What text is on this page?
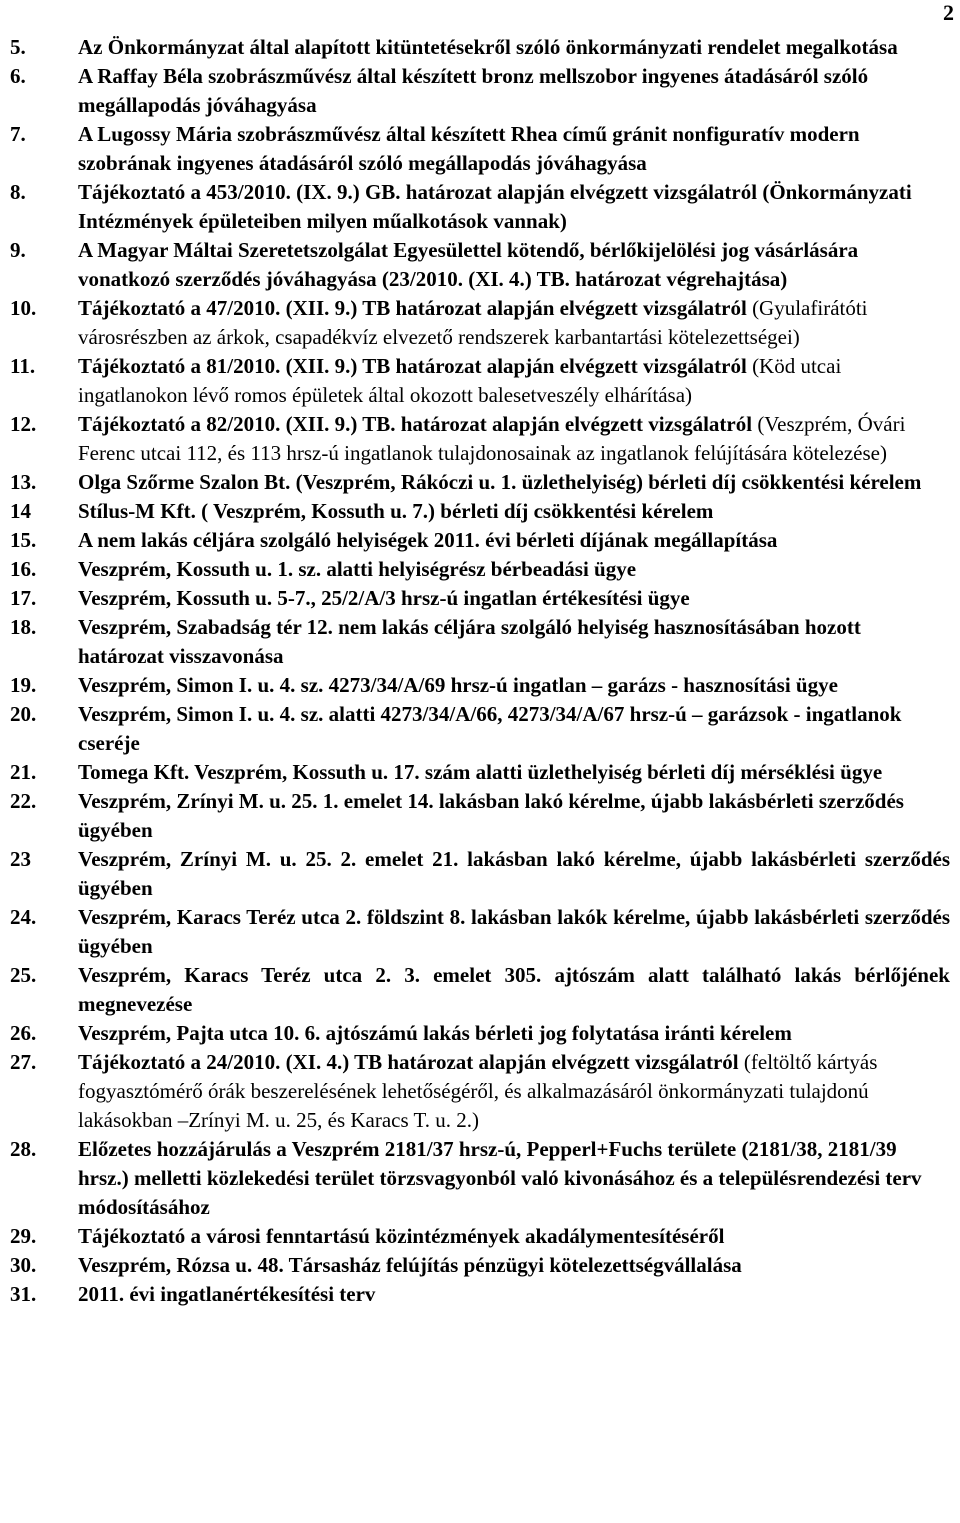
2
5. Az Önkormányzat által alapított kitüntetésekről szóló önkormányzati rendelet megalkotása
6. A Raffay Béla szobrászművész által készített bronz mellszobor ingyenes átadásáról szóló megállapodás jóváhagyása
7. A Lugossy Mária szobrászművész által készített Rhea című gránit nonfiguratív modern szobrának ingyenes átadásáról szóló megállapodás jóváhagyása
8. Tájékoztató a 453/2010. (IX. 9.) GB. határozat alapján elvégzett vizsgálatról (Önkormányzati Intézmények épületeiben milyen műalkotások vannak)
9. A Magyar Máltai Szeretetszolgálat Egyesülettel kötendő, bérlőkijelölési jog vásárlására vonatkozó szerződés jóváhagyása (23/2010. (XI. 4.) TB. határozat végrehajtása)
10. Tájékoztató a 47/2010. (XII. 9.) TB határozat alapján elvégzett vizsgálatról (Gyulafirátóti városrészben az árkok, csapadékvíz elvezető rendszerek karbantartási kötelezettségei)
11. Tájékoztató a 81/2010. (XII. 9.) TB határozat alapján elvégzett vizsgálatról (Köd utcai ingatlanokon lévő romos épületek által okozott balesetveszély elhárítása)
12. Tájékoztató a 82/2010. (XII. 9.) TB. határozat alapján elvégzett vizsgálatról (Veszprém, Óvári Ferenc utcai 112, és 113 hrsz-ú ingatlanok tulajdonosainak az ingatlanok felújítására kötelezése)
13. Olga Szőrme Szalon Bt. (Veszprém, Rákóczi u. 1. üzlethelyiség) bérleti díj csökkentési kérelem
14 Stílus-M Kft. ( Veszprém, Kossuth u. 7.) bérleti díj csökkentési kérelem
15. A nem lakás céljára szolgáló helyiségek 2011. évi bérleti díjának megállapítása
16. Veszprém, Kossuth u. 1. sz. alatti helyiségrész bérbeadási ügye
17. Veszprém, Kossuth u. 5-7., 25/2/A/3 hrsz-ú ingatlan értékesítési ügye
18. Veszprém, Szabadság tér 12. nem lakás céljára szolgáló helyiség hasznosításában hozott határozat visszavonása
19. Veszprém, Simon I. u. 4. sz. 4273/34/A/69 hrsz-ú ingatlan – garázs - hasznosítási ügye
20. Veszprém, Simon I. u. 4. sz. alatti 4273/34/A/66, 4273/34/A/67 hrsz-ú – garázsok - ingatlanok cseréje
21. Tomega Kft. Veszprém, Kossuth u. 17. szám alatti üzlethelyiség bérleti díj mérséklési ügye
22. Veszprém, Zrínyi M. u. 25. 1. emelet 14. lakásban lakó kérelme, újabb lakásbérleti szerződés ügyében
23 Veszprém, Zrínyi M. u. 25. 2. emelet 21. lakásban lakó kérelme, újabb lakásbérleti szerződés ügyében
24. Veszprém, Karacs Teréz utca 2. földszint 8. lakásban lakók kérelme, újabb lakásbérleti szerződés ügyében
25. Veszprém, Karacs Teréz utca 2. 3. emelet 305. ajtószám alatt található lakás bérlőjének megnevezése
26. Veszprém, Pajta utca 10. 6. ajtószámú lakás bérleti jog folytatása iránti kérelem
27. Tájékoztató a 24/2010. (XI. 4.) TB határozat alapján elvégzett vizsgálatról (feltöltő kártyás fogyasztómérő órák beszerelésének lehetőségéről, és alkalmazásáról önkormányzati tulajdonú lakásokban –Zrínyi M. u. 25, és Karacs T. u. 2.)
28. Előzetes hozzájárulás a Veszprém 2181/37 hrsz-ú, Pepperl+Fuchs területe (2181/38, 2181/39 hrsz.) melletti közlekedési terület törzsvagyonból való kivonásához és a településrendezési terv módosításához
29. Tájékoztató a városi fenntartású közintézmények akadálymentesítéséről
30. Veszprém, Rózsa u. 48. Társasház felújítás pénzügyi kötelezettségvállalása
31. 2011. évi ingatlanértékesítési terv
